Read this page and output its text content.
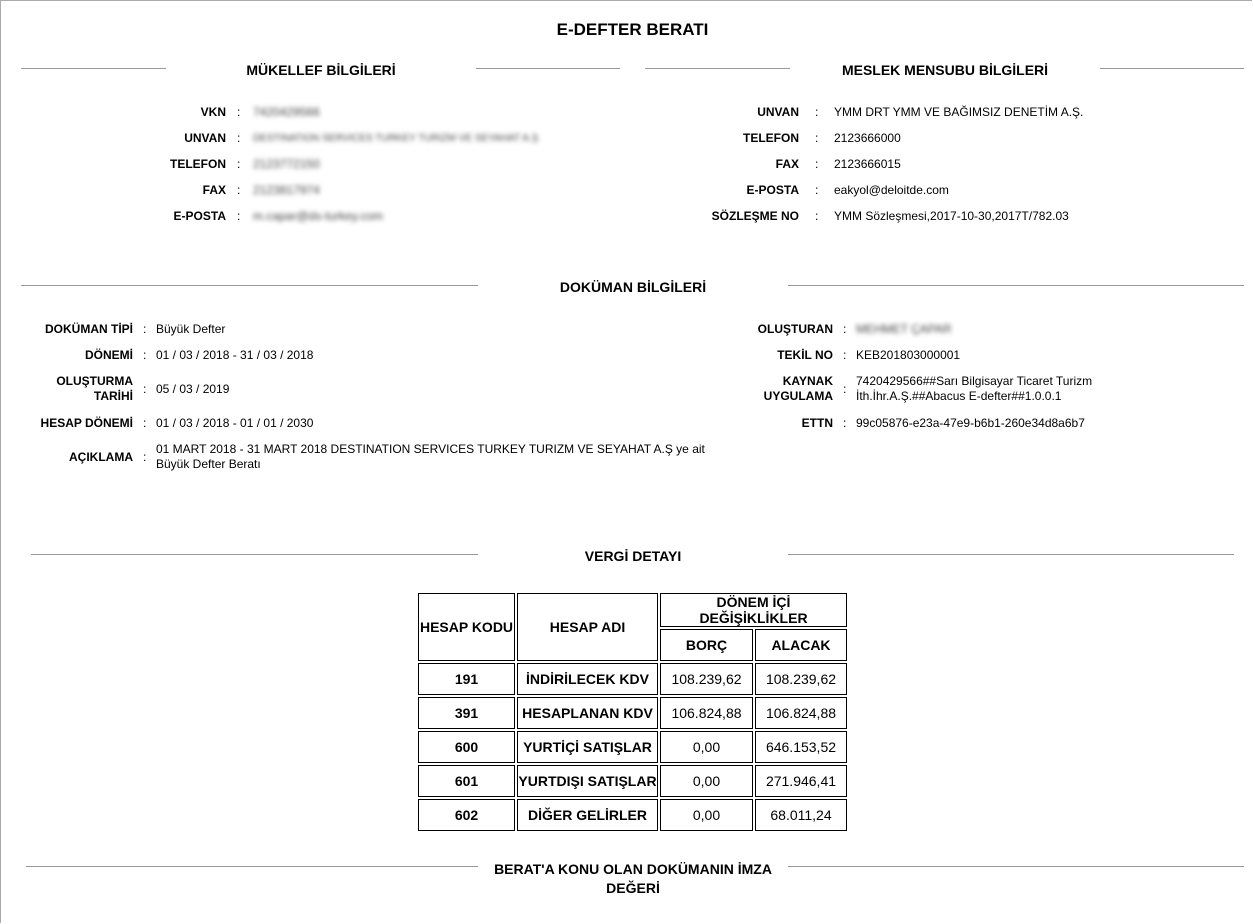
E-DEFTER BERATI
MÜKELLEF BİLGİLERİ
VKN : 7420429566
UNVAN : DESTINATION SERVICES TURKEY TURIZM VE SEYAHAT A.Ş
TELEFON : 2123772150
FAX : 2123817974
E-POSTA : m.capar@ds-turkey.com
MESLEK MENSUBU BİLGİLERİ
UNVAN : YMM DRT YMM VE BAĞIMSIZ DENETİM A.Ş.
TELEFON : 2123666000
FAX : 2123666015
E-POSTA : eakyol@deloitde.com
SÖZLEŞME NO : YMM Sözleşmesi,2017-10-30,2017T/782.03
DOKÜMAN BİLGİLERİ
DOKÜMAN TİPİ : Büyük Defter
DÖNEMİ : 01 / 03 / 2018 - 31 / 03 / 2018
OLUŞTURMA TARİHİ : 05 / 03 / 2019
HESAP DÖNEMİ : 01 / 03 / 2018 - 01 / 01 / 2030
AÇIKLAMA :
01 MART 2018 - 31 MART 2018 DESTINATION SERVICES TURKEY TURIZM VE SEYAHAT A.Ş ye ait Büyük Defter Beratı
OLUŞTURAN : MEHMET ÇAPAR
TEKİL NO : KEB201803000001
KAYNAK UYGULAMA :
7420429566##Sarı Bilgisayar Ticaret Turizm İth.İhr.A.Ş.##Abacus E-defter##1.0.0.1
ETTN : 99c05876-e23a-47e9-b6b1-260e34d8a6b7
VERGİ DETAYI
HESAP KODU	HESAP ADI	DÖNEM İÇİ DEĞİŞİKLİKLER	
		BORÇ	ALACAK
191	İNDİRİLECEK KDV	108.239,62	108.239,62
391	HESAPLANAN KDV	106.824,88	106.824,88
600	YURTİÇİ SATIŞLAR	0,00	646.153,52
601	YURTDIŞI SATIŞLAR	0,00	271.946,41
602	DİĞER GELİRLER	0,00	68.011,24
BERAT'A KONU OLAN DOKÜMANIN İMZA
DEĞERİ
